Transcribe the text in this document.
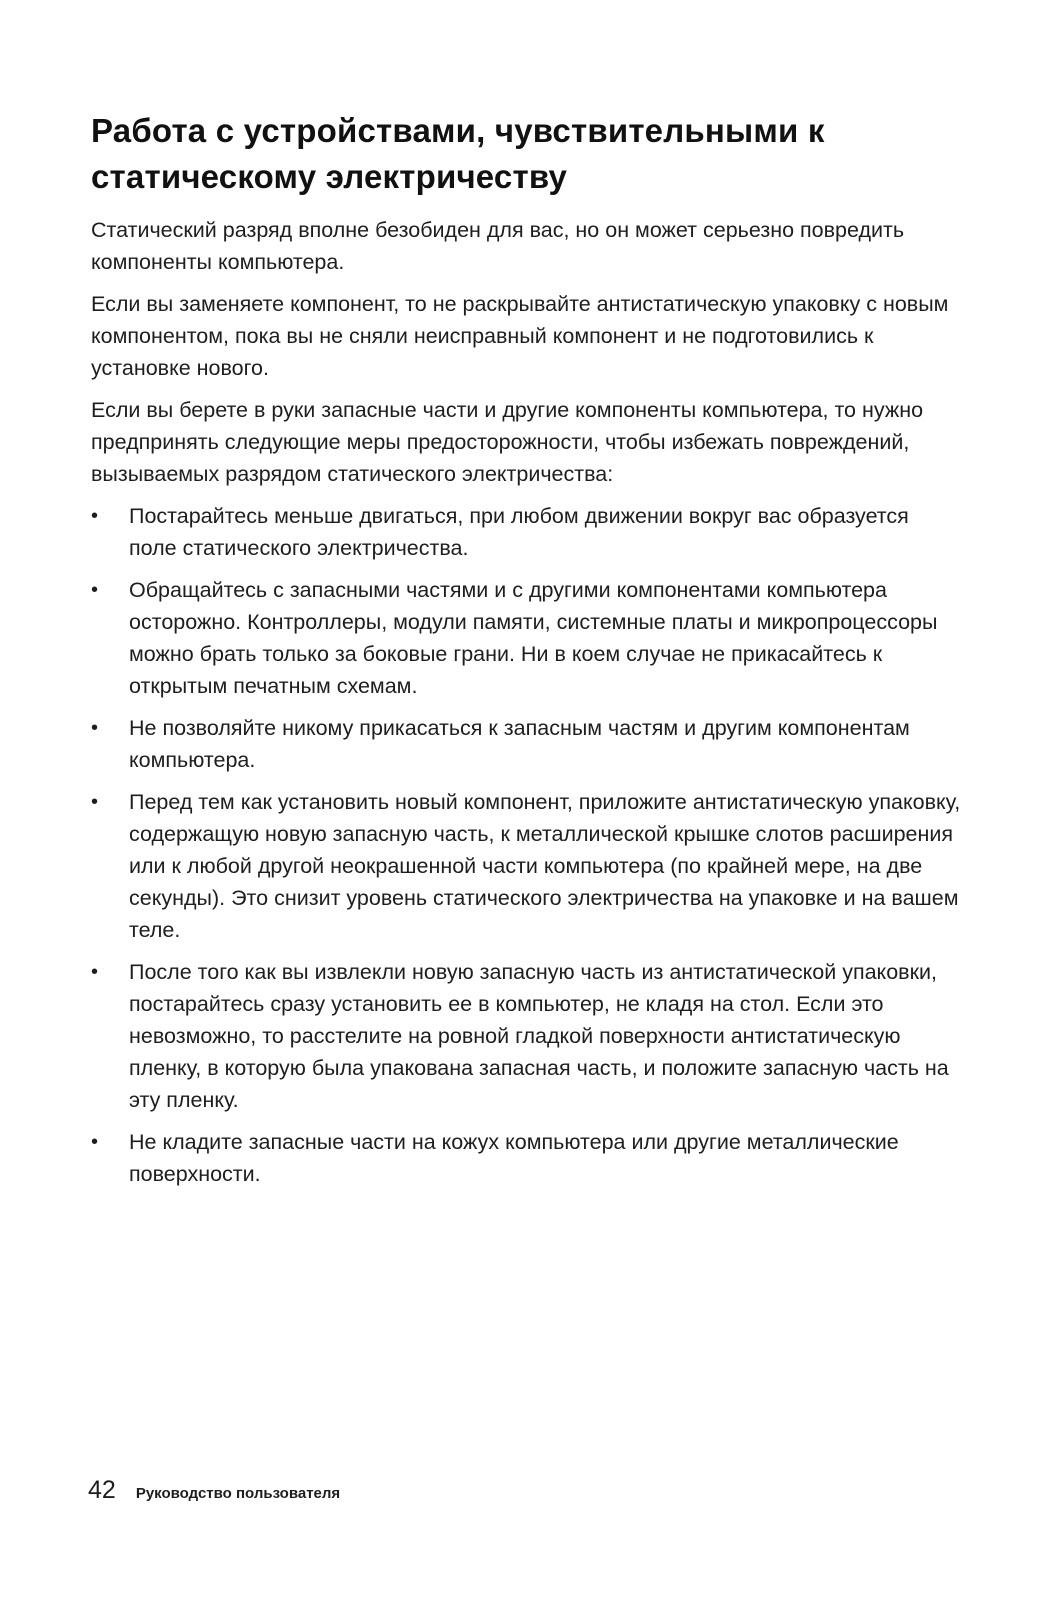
Работа с устройствами, чувствительными к статическому электричеству

Статический разряд вполне безобиден для вас, но он может серьезно повредить компоненты компьютера.

Если вы заменяете компонент, то не раскрывайте антистатическую упаковку с новым компонентом, пока вы не сняли неисправный компонент и не подготовились к установке нового.

Если вы берете в руки запасные части и другие компоненты компьютера, то нужно предпринять следующие меры предосторожности, чтобы избежать повреждений, вызываемых разрядом статического электричества:

• Постарайтесь меньше двигаться, при любом движении вокруг вас образуется поле статического электричества.
• Обращайтесь с запасными частями и с другими компонентами компьютера осторожно. Контроллеры, модули памяти, системные платы и микропроцессоры можно брать только за боковые грани. Ни в коем случае не прикасайтесь к открытым печатным схемам.
• Не позволяйте никому прикасаться к запасным частям и другим компонентам компьютера.
• Перед тем как установить новый компонент, приложите антистатическую упаковку, содержащую новую запасную часть, к металлической крышке слотов расширения или к любой другой неокрашенной части компьютера (по крайней мере, на две секунды). Это снизит уровень статического электричества на упаковке и на вашем теле.
• После того как вы извлекли новую запасную часть из антистатической упаковки, постарайтесь сразу установить ее в компьютер, не кладя на стол. Если это невозможно, то расстелите на ровной гладкой поверхности антистатическую пленку, в которую была упакована запасная часть, и положите запасную часть на эту пленку.
• Не кладите запасные части на кожух компьютера или другие металлические поверхности.
42 Руководство пользователя
